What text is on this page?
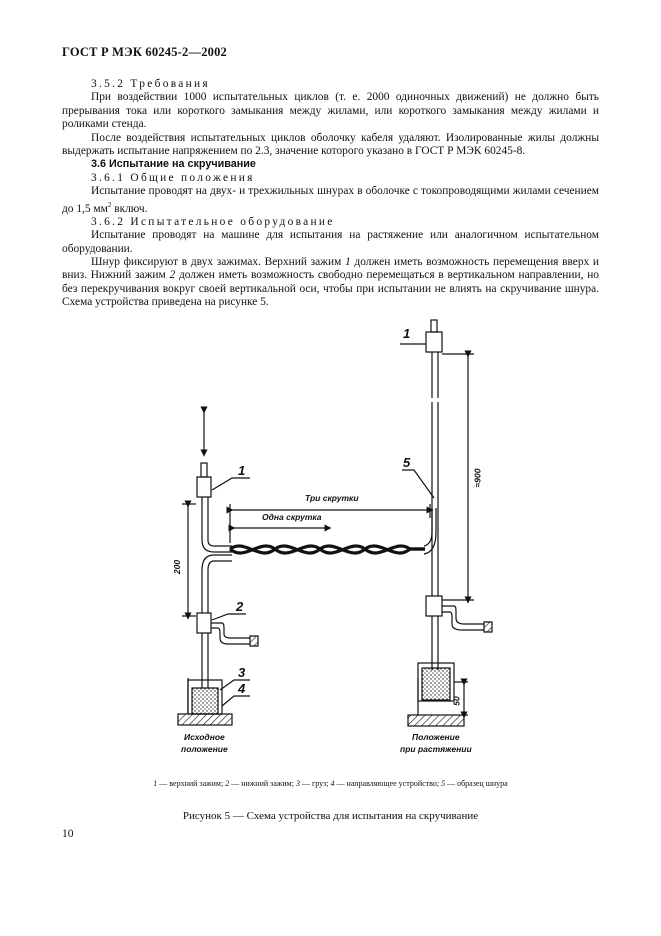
ГОСТ Р МЭК 60245-2—2002

3.5.2 Требования

При воздействии 1000 испытательных циклов (т. е. 2000 одиночных движений) не должно быть прерывания тока или короткого замыкания между жилами, или короткого замыкания между жилами и роликами стенда.

После воздействия испытательных циклов оболочку кабеля удаляют. Изолированные жилы должны выдержать испытание напряжением по 2.3, значение которого указано в ГОСТ Р МЭК 60245-8.

3.6 Испытание на скручивание

3.6.1 Общие положения

Испытание проводят на двух- и трехжильных шнурах в оболочке с токопроводящими жилами сечением до 1,5 $мм^2$ включ.

3.6.2 Испытательное оборудование

Испытание проводят на машине для испытания на растяжение или аналогичном испытательном оборудовании.

Шнур фиксируют в двух зажимах. Верхний зажим 1 должен иметь возможность перемещения вверх и вниз. Нижний зажим 2 должен иметь возможность свободно перемещаться в вертикальном направлении, но без перекручивания вокруг своей вертикальной оси, чтобы при испытании не влиять на скручивание шнура. Схема устройства приведена на рисунке 5.

Три скрутки
Одна скрутка
200
≈900
50
1
2
3
4
5
1
Исходное
положение
Положение
при растяжении
1 — верхний зажим; 2 — нижний зажим; 3 — груз; 4 — направляющее устройство; 5 — образец шнура
Рисунок 5 — Схема устройства для испытания на скручивание
10
